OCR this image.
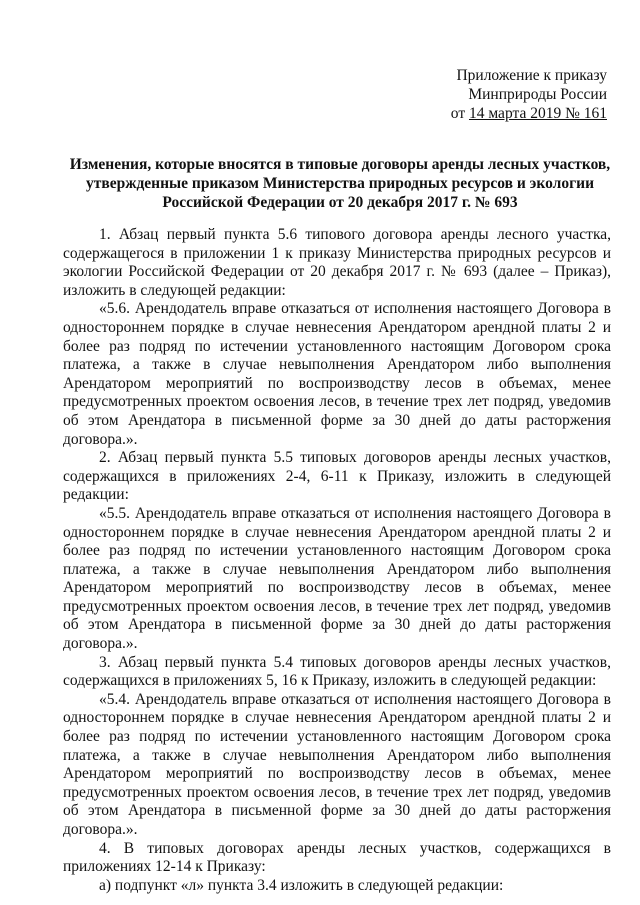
Приложение к приказу
Минприроды России
от 14 марта 2019 № 161
Изменения, которые вносятся в типовые договоры аренды лесных участков, утвержденные приказом Министерства природных ресурсов и экологии Российской Федерации от 20 декабря 2017 г. № 693

1. Абзац первый пункта 5.6 типового договора аренды лесного участка, содержащегося в приложении 1 к приказу Министерства природных ресурсов и экологии Российской Федерации от 20 декабря 2017 г. № 693 (далее – Приказ), изложить в следующей редакции:

«5.6. Арендодатель вправе отказаться от исполнения настоящего Договора в одностороннем порядке в случае невнесения Арендатором арендной платы 2 и более раз подряд по истечении установленного настоящим Договором срока платежа, а также в случае невыполнения Арендатором либо выполнения Арендатором мероприятий по воспроизводству лесов в объемах, менее предусмотренных проектом освоения лесов, в течение трех лет подряд, уведомив об этом Арендатора в письменной форме за 30 дней до даты расторжения договора.».

2. Абзац первый пункта 5.5 типовых договоров аренды лесных участков, содержащихся в приложениях 2-4, 6-11 к Приказу, изложить в следующей редакции:

«5.5. Арендодатель вправе отказаться от исполнения настоящего Договора в одностороннем порядке в случае невнесения Арендатором арендной платы 2 и более раз подряд по истечении установленного настоящим Договором срока платежа, а также в случае невыполнения Арендатором либо выполнения Арендатором мероприятий по воспроизводству лесов в объемах, менее предусмотренных проектом освоения лесов, в течение трех лет подряд, уведомив об этом Арендатора в письменной форме за 30 дней до даты расторжения договора.».

3. Абзац первый пункта 5.4 типовых договоров аренды лесных участков, содержащихся в приложениях 5, 16 к Приказу, изложить в следующей редакции:

«5.4. Арендодатель вправе отказаться от исполнения настоящего Договора в одностороннем порядке в случае невнесения Арендатором арендной платы 2 и более раз подряд по истечении установленного настоящим Договором срока платежа, а также в случае невыполнения Арендатором либо выполнения Арендатором мероприятий по воспроизводству лесов в объемах, менее предусмотренных проектом освоения лесов, в течение трех лет подряд, уведомив об этом Арендатора в письменной форме за 30 дней до даты расторжения договора.».

4. В типовых договорах аренды лесных участков, содержащихся в приложениях 12-14 к Приказу:

а) подпункт «л» пункта 3.4 изложить в следующей редакции:
